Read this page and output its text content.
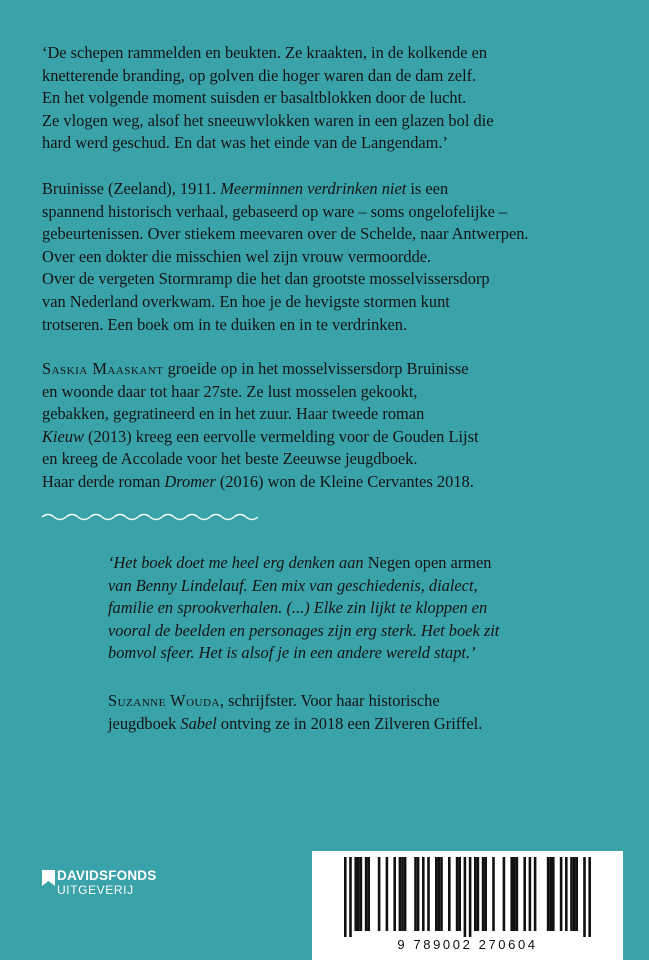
‘De schepen rammelden en beukten. Ze kraakten, in de kolkende en
knetterende branding, op golven die hoger waren dan de dam zelf.
En het volgende moment suisden er basaltblokken door de lucht.
Ze vlogen weg, alsof het sneeuwvlokken waren in een glazen bol die
hard werd geschud. En dat was het einde van de Langendam.’
Bruinisse (Zeeland), 1911. Meerminnen verdrinken niet is een
spannend historisch verhaal, gebaseerd op ware – soms ongelofelijke –
gebeurtenissen. Over stiekem meevaren over de Schelde, naar Antwerpen.
Over een dokter die misschien wel zijn vrouw vermoordde.
Over de vergeten Stormramp die het dan grootste mosselvissersdorp
van Nederland overkwam. En hoe je de hevigste stormen kunt
trotseren. Een boek om in te duiken en in te verdrinken.
Saskia Maaskant groeide op in het mosselvissersdorp Bruinisse
en woonde daar tot haar 27ste. Ze lust mosselen gekookt,
gebakken, gegratineerd en in het zuur. Haar tweede roman
Kieuw (2013) kreeg een eervolle vermelding voor de Gouden Lijst
en kreeg de Accolade voor het beste Zeeuwse jeugdboek.
Haar derde roman Dromer (2016) won de Kleine Cervantes 2018.
‘Het boek doet me heel erg denken aan Negen open armen
van Benny Lindelauf. Een mix van geschiedenis, dialect,
familie en sprookverhalen. (...) Elke zin lijkt te kloppen en
vooral de beelden en personages zijn erg sterk. Het boek zit
bomvol sfeer. Het is alsof je in een andere wereld stapt.’
Suzanne Wouda, schrijfster. Voor haar historische
jeugdboek Sabel ontving ze in 2018 een Zilveren Griffel.
DAVIDSFONDS
UITGEVERIJ
9 789002 270604
